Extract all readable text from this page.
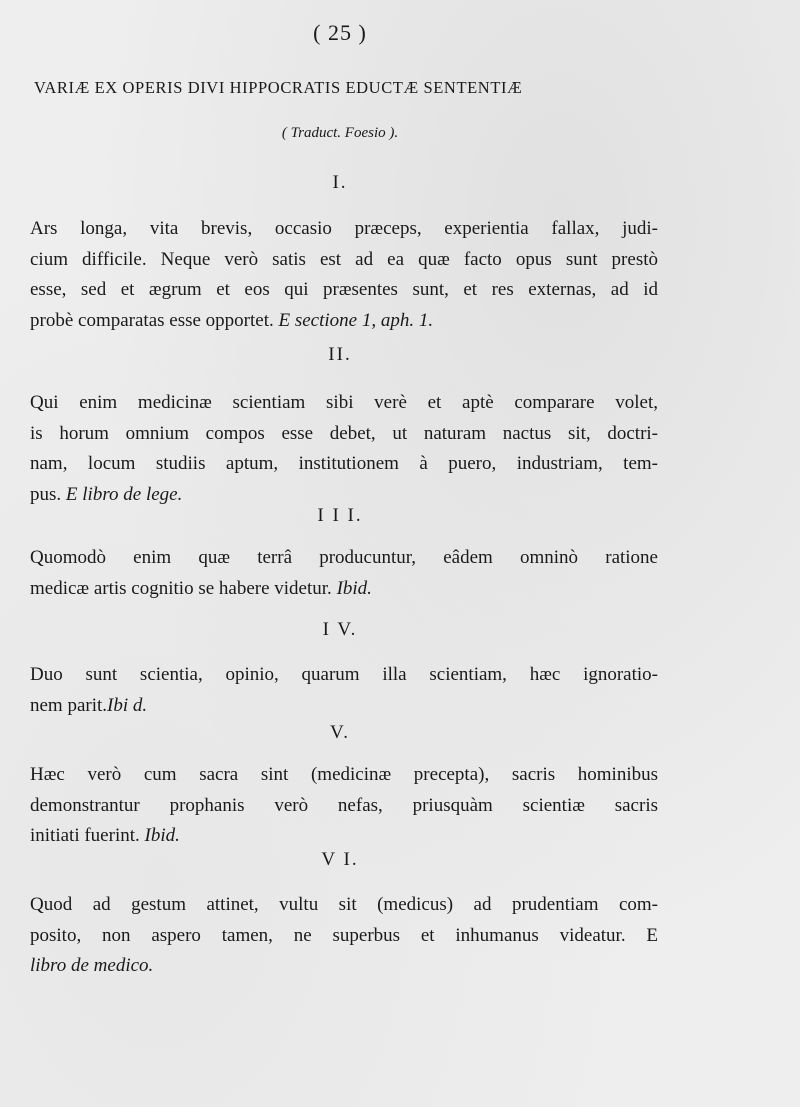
( 25 )
VARIÆ EX OPERIS DIVI HIPPOCRATIS EDUCTÆ SENTENTIÆ
( Traduct. Foesio ).
I.
Ars longa, vita brevis, occasio præceps, experientia fallax, judi-
cium difficile. Neque verò satis est ad ea quæ facto opus sunt prestò
esse, sed et ægrum et eos qui præsentes sunt, et res externas, ad id
probè comparatas esse opportet. E sectione 1, aph. 1.
II.
Qui enim medicinæ scientiam sibi verè et aptè comparare volet,
is horum omnium compos esse debet, ut naturam nactus sit, doctri-
nam, locum studiis aptum, institutionem à puero, industriam, tem-
pus. E libro de lege.
I I I.
Quomodò enim quæ terrâ producuntur, eâdem omninò ratione
medicæ artis cognitio se habere videtur. Ibid.
I V.
Duo sunt scientia, opinio, quarum illa scientiam, hæc ignoratio-
nem parit.Ibi d.
V.
Hæc verò cum sacra sint (medicinæ precepta), sacris hominibus
demonstrantur prophanis verò nefas, priusquàm scientiæ sacris
initiati fuerint. Ibid.
V I.
Quod ad gestum attinet, vultu sit (medicus) ad prudentiam com-
posito, non aspero tamen, ne superbus et inhumanus videatur. E
libro de medico.
